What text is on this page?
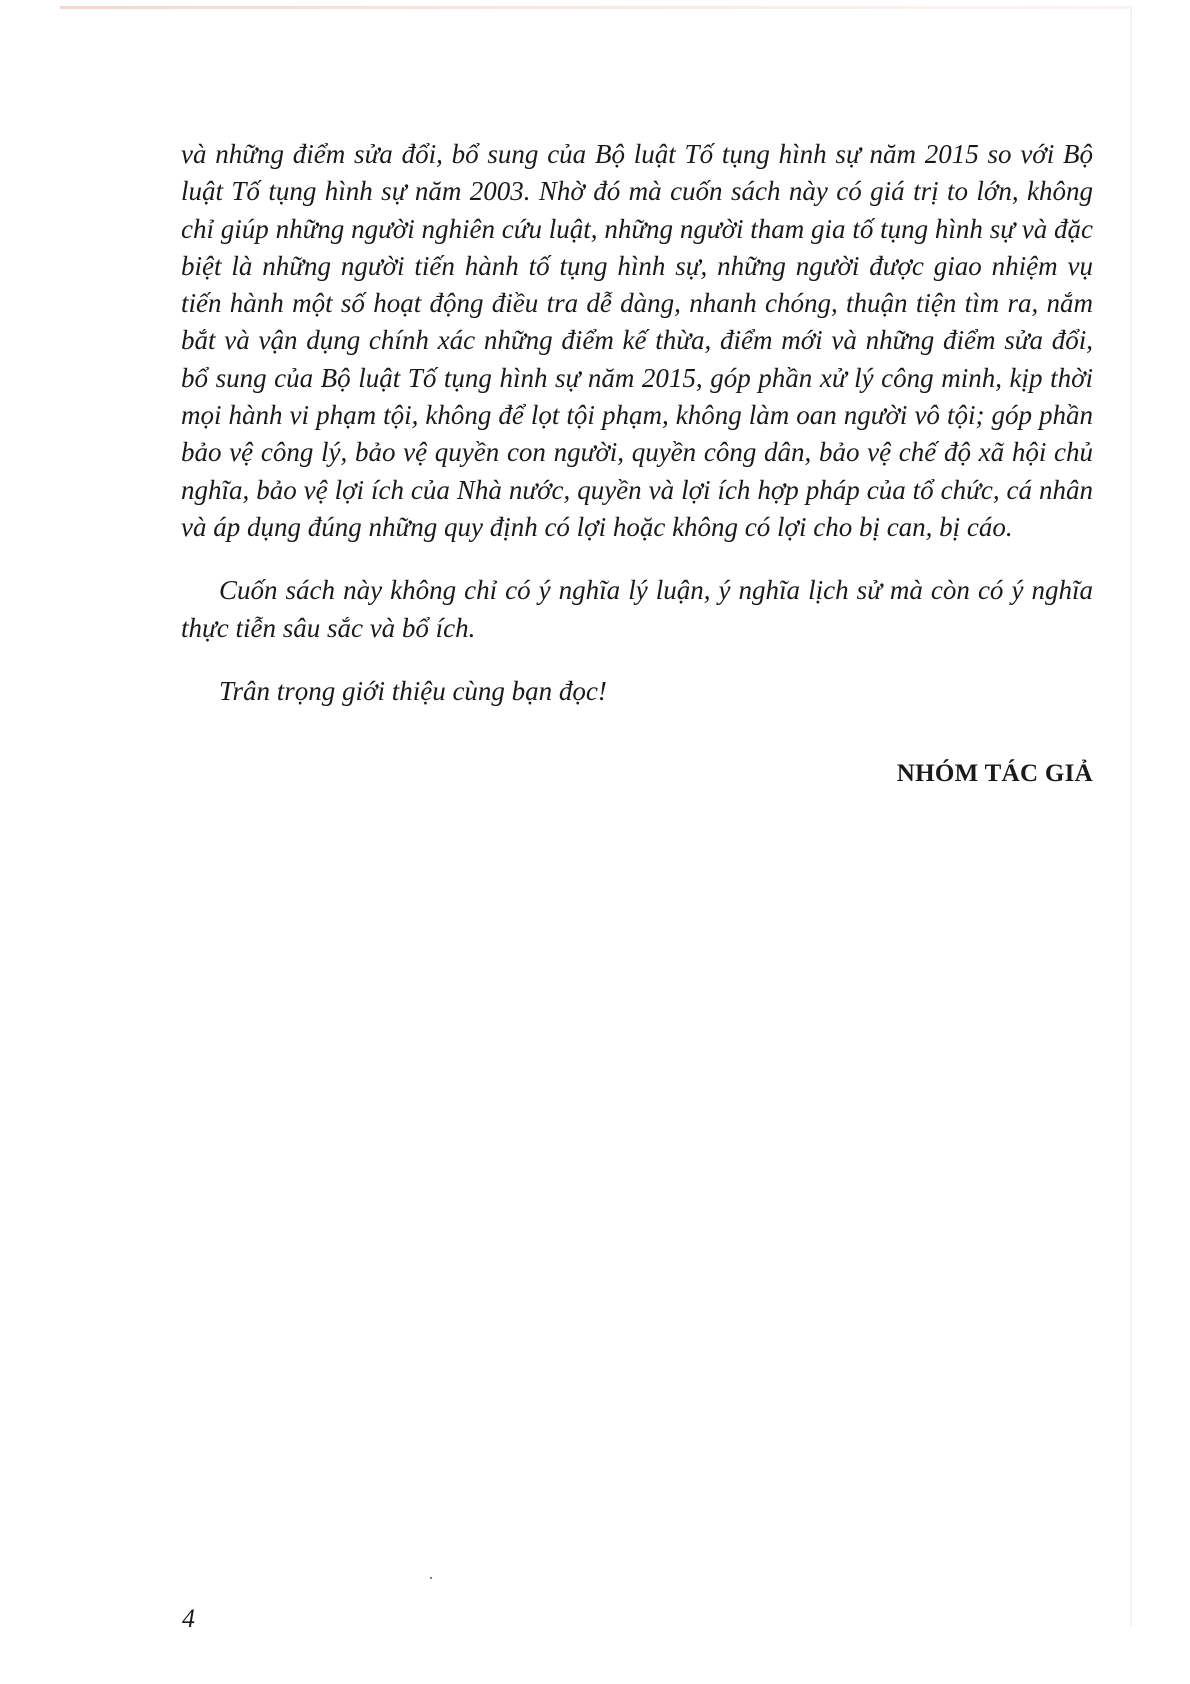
và những điểm sửa đổi, bổ sung của Bộ luật Tố tụng hình sự năm 2015 so với Bộ luật Tố tụng hình sự năm 2003. Nhờ đó mà cuốn sách này có giá trị to lớn, không chỉ giúp những người nghiên cứu luật, những người tham gia tố tụng hình sự và đặc biệt là những người tiến hành tố tụng hình sự, những người được giao nhiệm vụ tiến hành một số hoạt động điều tra dễ dàng, nhanh chóng, thuận tiện tìm ra, nắm bắt và vận dụng chính xác những điểm kế thừa, điểm mới và những điểm sửa đổi, bổ sung của Bộ luật Tố tụng hình sự năm 2015, góp phần xử lý công minh, kịp thời mọi hành vi phạm tội, không để lọt tội phạm, không làm oan người vô tội; góp phần bảo vệ công lý, bảo vệ quyền con người, quyền công dân, bảo vệ chế độ xã hội chủ nghĩa, bảo vệ lợi ích của Nhà nước, quyền và lợi ích hợp pháp của tổ chức, cá nhân và áp dụng đúng những quy định có lợi hoặc không có lợi cho bị can, bị cáo.

Cuốn sách này không chỉ có ý nghĩa lý luận, ý nghĩa lịch sử mà còn có ý nghĩa thực tiễn sâu sắc và bổ ích.

Trân trọng giới thiệu cùng bạn đọc!

NHÓM TÁC GIẢ

4
